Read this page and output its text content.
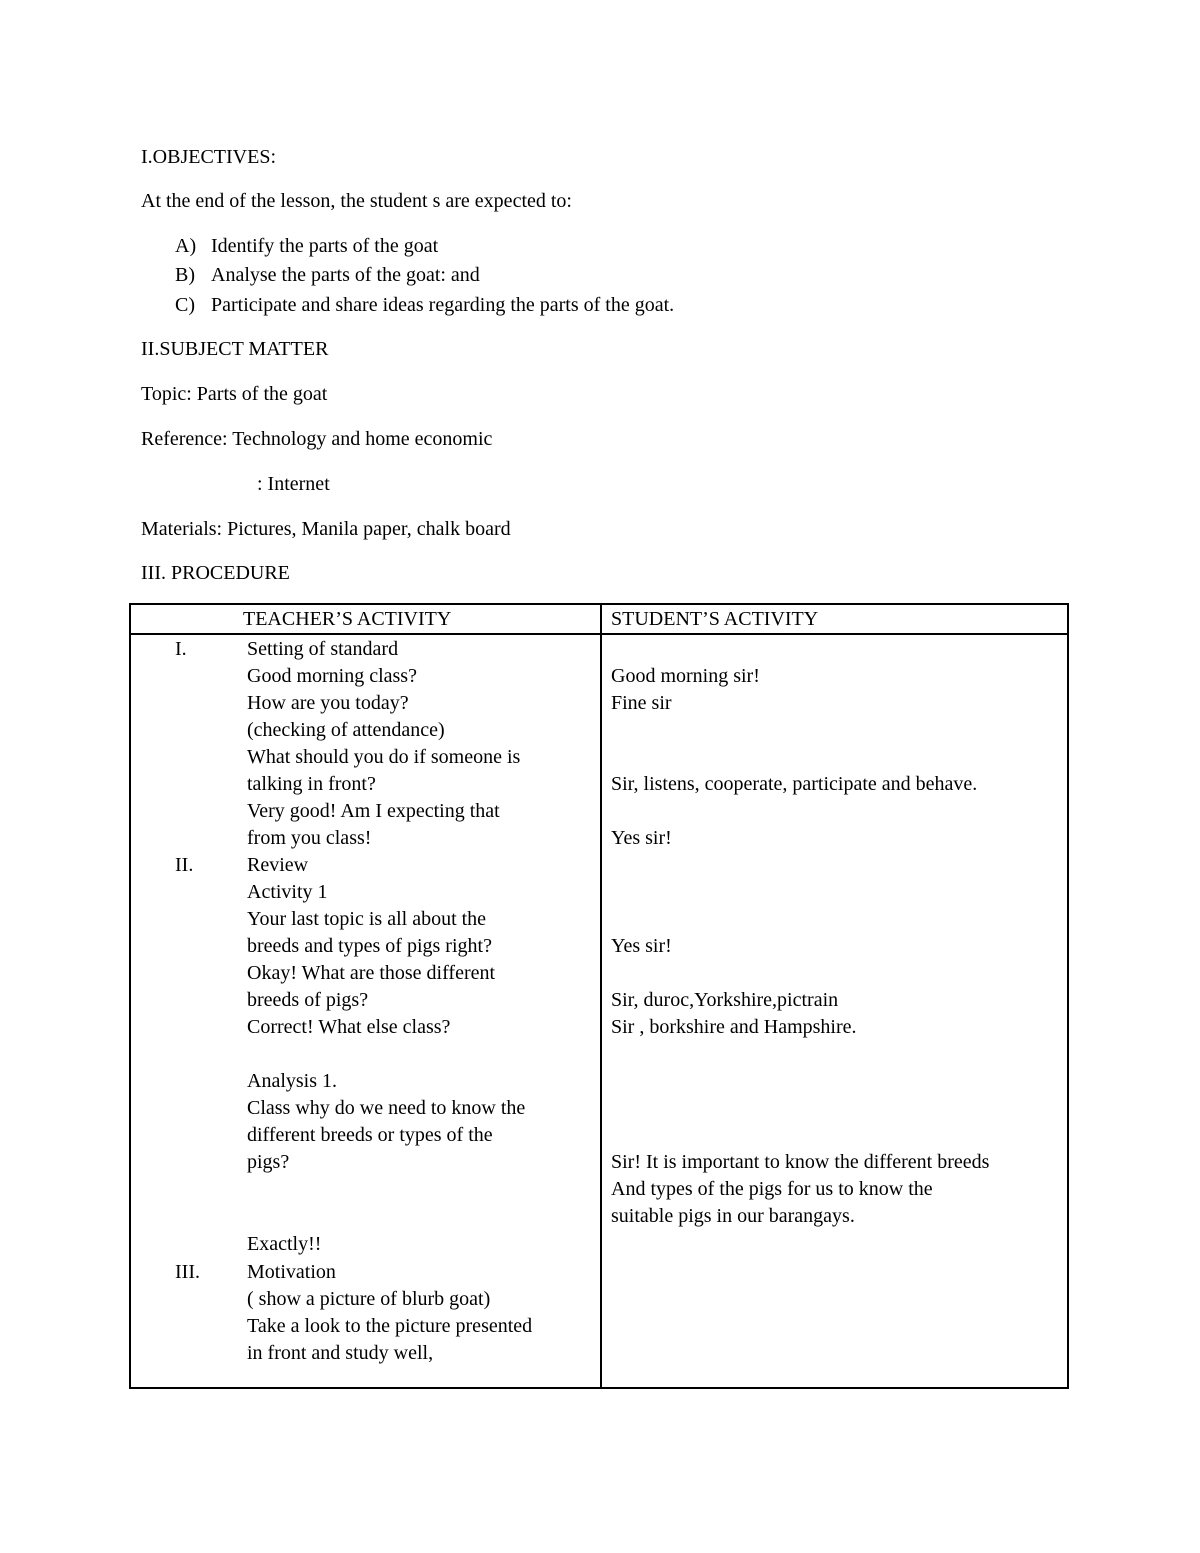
I.OBJECTIVES:
At the end of the lesson, the student s are expected to:
A) Identify the parts of the goat
B) Analyse the parts of the goat: and
C) Participate and share ideas regarding the parts of the goat.
II.SUBJECT MATTER
Topic: Parts of the goat
Reference: Technology and home economic
: Internet
Materials: Pictures, Manila paper, chalk board
III. PROCEDURE
TEACHER’S ACTIVITY	STUDENT’S ACTIVITY
I.
II.
III.
Setting of standard
Good morning class?
How are you today?
(checking of attendance)
What should you do if someone is
talking in front?
Very good! Am I expecting that
from you class!
Review
Activity 1
Your last topic is all about the
breeds and types of pigs right?
Okay! What are those different
breeds of pigs?
Correct! What else class?
Analysis 1.
Class why do we need to know the
different breeds or types of the
pigs?
Exactly!!
Motivation
( show a picture of blurb goat)
Take a look to the picture presented
in front and study well,
Good morning sir!
Fine sir
Sir, listens, cooperate, participate and behave.
Yes sir!
Yes sir!
Sir, duroc,Yorkshire,pictrain
Sir , borkshire and Hampshire.
Sir! It is important to know the different breeds
And types of the pigs for us to know the
suitable pigs in our barangays.
